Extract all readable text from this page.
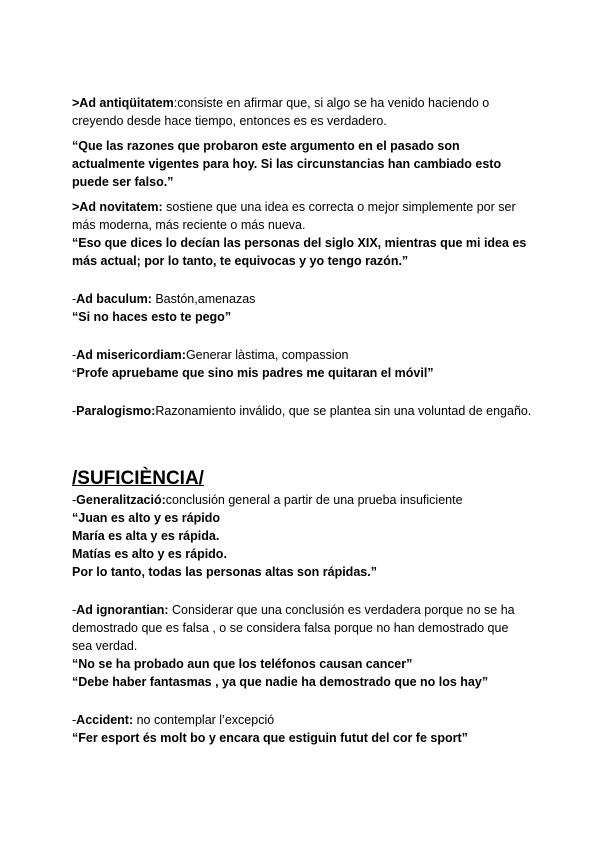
>Ad antiqüitatem:consiste en afirmar que, si algo se ha venido haciendo o creyendo desde hace tiempo, entonces es es verdadero.

“Que las razones que probaron este argumento en el pasado son actualmente vigentes para hoy. Si las circunstancias han cambiado esto puede ser falso.”

>Ad novitatem: sostiene que una idea es correcta o mejor simplemente por ser más moderna, más reciente o más nueva.

“Eso que dices lo decían las personas del siglo XIX, mientras que mi idea es más actual; por lo tanto, te equivocas y yo tengo razón.”

-Ad baculum: Bastón,amenazas

“Si no haces esto te pego”

-Ad misericordiam:Generar làstima, compassion

“Profe apruebame que sino mis padres me quitaran el móvil”

-Paralogismo:Razonamiento inválido, que se plantea sin una voluntad de engaño.

/SUFICIÈNCIA/

-Generalització:conclusión general a partir de una prueba insuficiente

“Juan es alto y es rápido

María es alta y es rápida.

Matías es alto y es rápido.

Por lo tanto, todas las personas altas son rápidas.”

-Ad ignorantian: Considerar que una conclusión es verdadera porque no se ha demostrado que es falsa , o se considera falsa porque no han demostrado que sea verdad.

“No se ha probado aun que los teléfonos causan cancer”

“Debe haber fantasmas , ya que nadie ha demostrado que no los hay”

-Accident: no contemplar l’excepció

“Fer esport és molt bo y encara que estiguin futut del cor fe sport”
